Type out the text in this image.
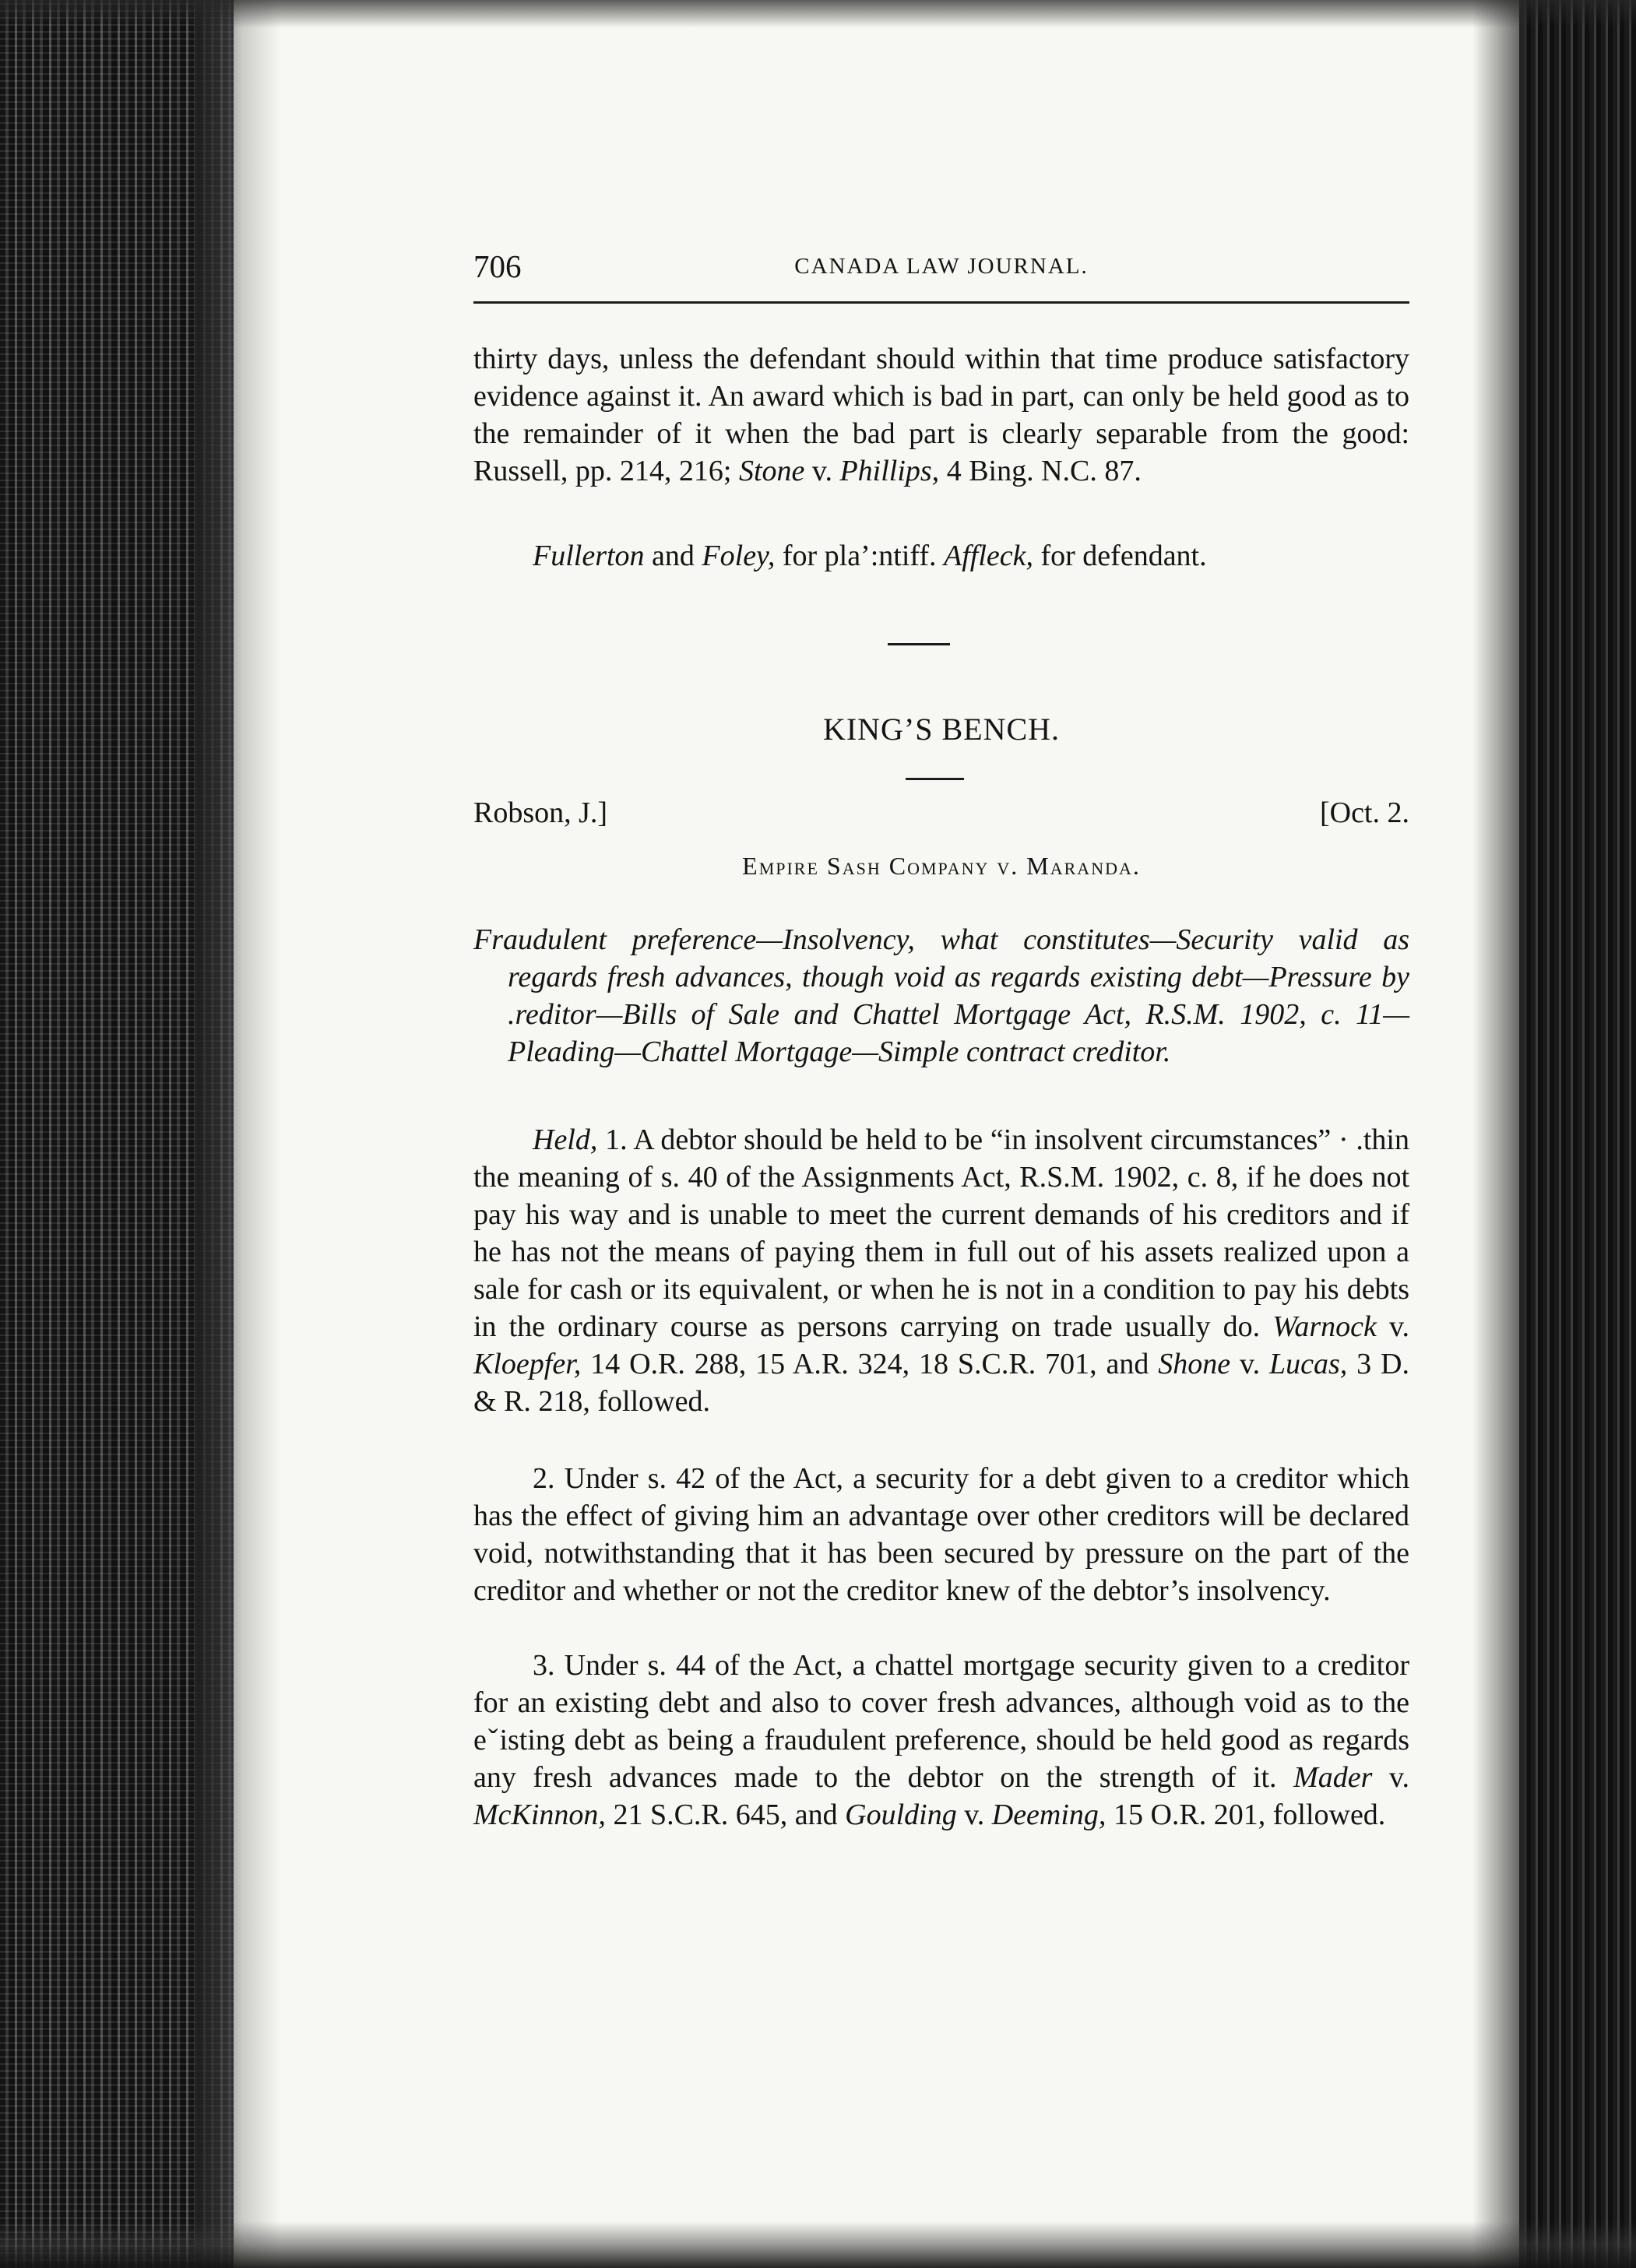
706	CANADA LAW JOURNAL.

thirty days, unless the defendant should within that time produce satisfactory evidence against it. An award which is bad in part, can only be held good as to the remainder of it when the bad part is clearly separable from the good: Russell, pp. 214, 216; Stone v. Phillips, 4 Bing. N.C. 87.

Fullerton and Foley, for pla’:ntiff. Affleck, for defendant.

KING’S BENCH.
Robson, J.]	[Oct. 2.
Empire Sash Company v. Maranda.

Fraudulent preference—Insolvency, what constitutes—Security valid as regards fresh advances, though void as regards existing debt—Pressure by .reditor—Bills of Sale and Chattel Mortgage Act, R.S.M. 1902, c. 11—Pleading—Chattel Mortgage—Simple contract creditor.

Held, 1. A debtor should be held to be “in insolvent circumstances” · .thin the meaning of s. 40 of the Assignments Act, R.S.M. 1902, c. 8, if he does not pay his way and is unable to meet the current demands of his creditors and if he has not the means of paying them in full out of his assets realized upon a sale for cash or its equivalent, or when he is not in a condition to pay his debts in the ordinary course as persons carrying on trade usually do. Warnock v. Kloepfer, 14 O.R. 288, 15 A.R. 324, 18 S.C.R. 701, and Shone v. Lucas, 3 D. & R. 218, followed.

2. Under s. 42 of the Act, a security for a debt given to a creditor which has the effect of giving him an advantage over other creditors will be declared void, notwithstanding that it has been secured by pressure on the part of the creditor and whether or not the creditor knew of the debtor’s insolvency.

3. Under s. 44 of the Act, a chattel mortgage security given to a creditor for an existing debt and also to cover fresh advances, although void as to the eˇisting debt as being a fraudulent preference, should be held good as regards any fresh advances made to the debtor on the strength of it. Mader v. McKinnon, 21 S.C.R. 645, and Goulding v. Deeming, 15 O.R. 201, followed.
